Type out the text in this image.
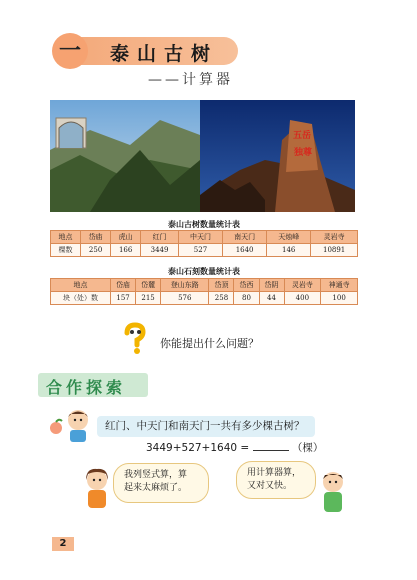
一	泰山古树
——计算器
五 岳
独 尊
泰山古树数量统计表
地点	岱庙	虎山	红门	中天门	南天门	天烛峰	灵岩寺
棵数	250	166	3449	527	1640	146	10891
泰山石刻数量统计表
地点	岱庙	岱麓	登山东路	岱顶	岱西	岱阴	灵岩寺	神通寺
块（处）数	157	215	576	258	80	44	400	100
你能提出什么问题？
合作探索
红门、中天门和南天门一共有多少棵古树？
3449+527+1640 =	（棵）
我列竖式算，算
起来太麻烦了。
用计算器算，
又对又快。
2
